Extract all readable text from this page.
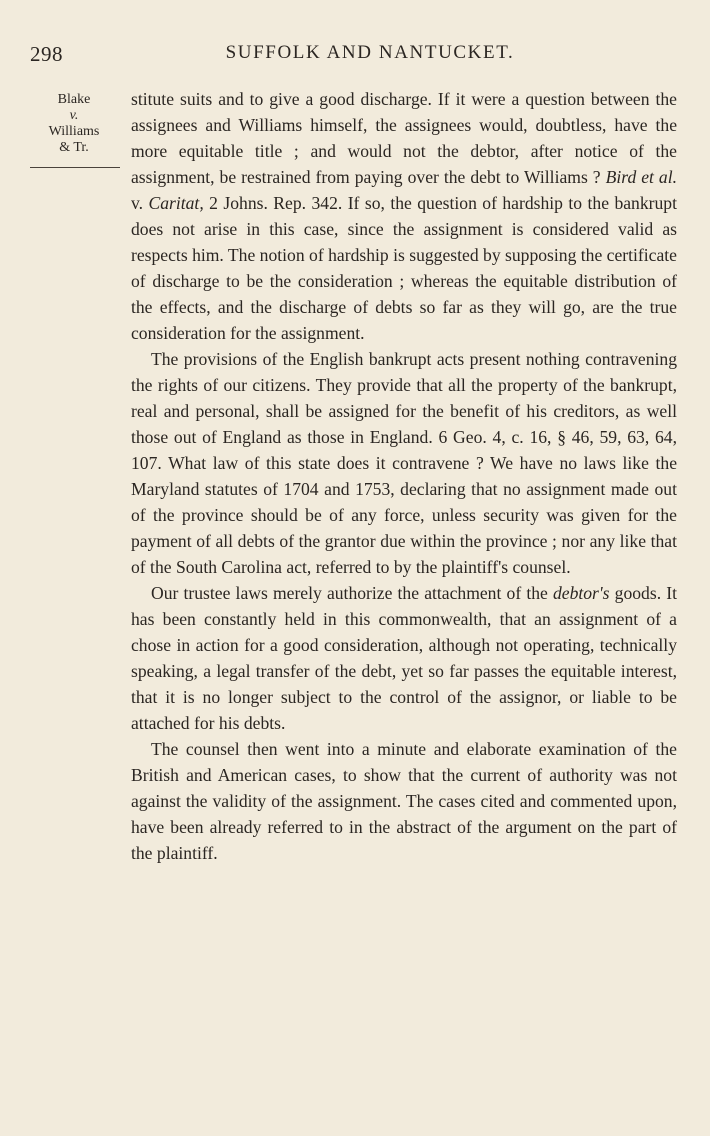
298	SUFFOLK AND NANTUCKET.
Blake
v.
Williams
& Tr.

stitute suits and to give a good discharge. If it were a question between the assignees and Williams himself, the assignees would, doubtless, have the more equitable title ; and would not the debtor, after notice of the assignment, be restrained from paying over the debt to Williams ? Bird et al. v. Caritat, 2 Johns. Rep. 342. If so, the question of hardship to the bankrupt does not arise in this case, since the assignment is considered valid as respects him. The notion of hardship is suggested by supposing the certificate of discharge to be the consideration ; whereas the equitable distribution of the effects, and the discharge of debts so far as they will go, are the true consideration for the assignment.

The provisions of the English bankrupt acts present nothing contravening the rights of our citizens. They provide that all the property of the bankrupt, real and personal, shall be assigned for the benefit of his creditors, as well those out of England as those in England. 6 Geo. 4, c. 16, § 46, 59, 63, 64, 107. What law of this state does it contravene ? We have no laws like the Maryland statutes of 1704 and 1753, declaring that no assignment made out of the province should be of any force, unless security was given for the payment of all debts of the grantor due within the province ; nor any like that of the South Carolina act, referred to by the plaintiff's counsel.

Our trustee laws merely authorize the attachment of the debtor's goods. It has been constantly held in this commonwealth, that an assignment of a chose in action for a good consideration, although not operating, technically speaking, a legal transfer of the debt, yet so far passes the equitable interest, that it is no longer subject to the control of the assignor, or liable to be attached for his debts.

The counsel then went into a minute and elaborate examination of the British and American cases, to show that the current of authority was not against the validity of the assignment. The cases cited and commented upon, have been already referred to in the abstract of the argument on the part of the plaintiff.
